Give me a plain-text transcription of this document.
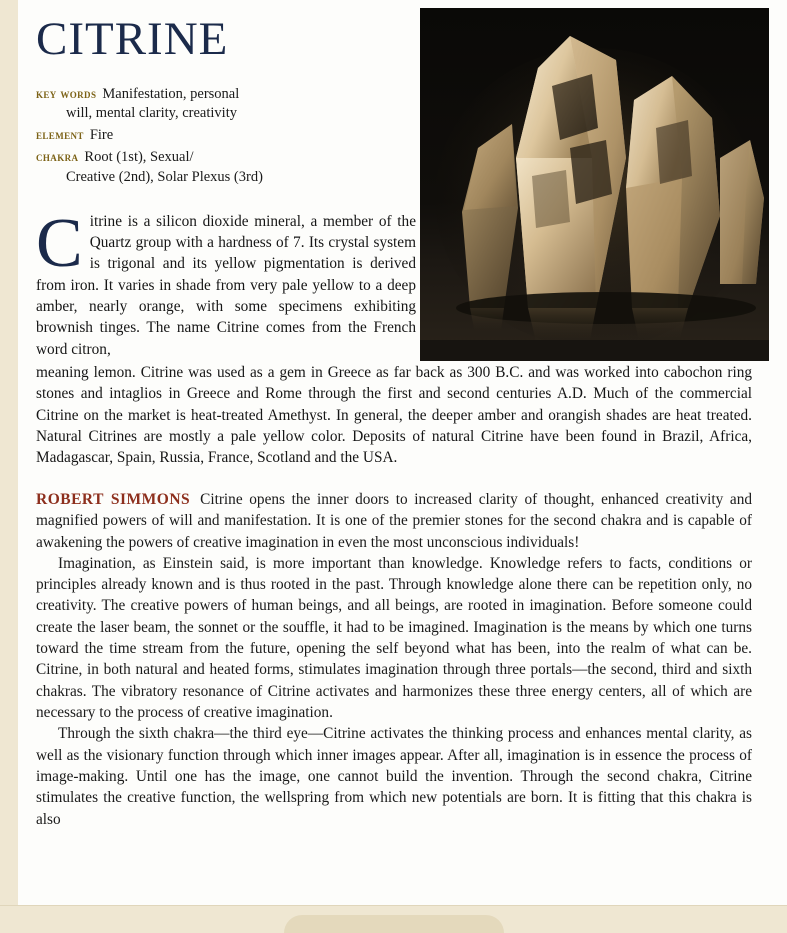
CITRINE
key words Manifestation, personal
will, mental clarity, creativity
element Fire
chakra Root (1st), Sexual/
Creative (2nd), Solar Plexus (3rd)
C itrine is a silicon dioxide mineral, a member of the Quartz group with a hardness of 7. Its crystal system is trigonal and its yellow pigmentation is derived from iron. It varies in shade from very pale yellow to a deep amber, nearly orange, with some specimens exhibiting brownish tinges. The name Citrine comes from the French word citron,

meaning lemon. Citrine was used as a gem in Greece as far back as 300 B.C. and was worked into cabochon ring stones and intaglios in Greece and Rome through the first and second centuries A.D. Much of the commercial Citrine on the market is heat-treated Amethyst. In general, the deeper amber and orangish shades are heat treated. Natural Citrines are mostly a pale yellow color. Deposits of natural Citrine have been found in Brazil, Africa, Madagascar, Spain, Russia, France, Scotland and the USA.

ROBERT SIMMONS Citrine opens the inner doors to increased clarity of thought, enhanced creativity and magnified powers of will and manifestation. It is one of the premier stones for the second chakra and is capable of awakening the powers of creative imagination in even the most unconscious individuals!

Imagination, as Einstein said, is more important than knowledge. Knowledge refers to facts, conditions or principles already known and is thus rooted in the past. Through knowledge alone there can be repetition only, no creativity. The creative powers of human beings, and all beings, are rooted in imagination. Before someone could create the laser beam, the sonnet or the souffle, it had to be imagined. Imagination is the means by which one turns toward the time stream from the future, opening the self beyond what has been, into the realm of what can be. Citrine, in both natural and heated forms, stimulates imagination through three portals—the second, third and sixth chakras. The vibratory resonance of Citrine activates and harmonizes these three energy centers, all of which are necessary to the process of creative imagination.

Through the sixth chakra—the third eye—Citrine activates the thinking process and enhances mental clarity, as well as the visionary function through which inner images appear. After all, imagination is in essence the process of image-making. Until one has the image, one cannot build the invention. Through the second chakra, Citrine stimulates the creative function, the wellspring from which new potentials are born. It is fitting that this chakra is also
